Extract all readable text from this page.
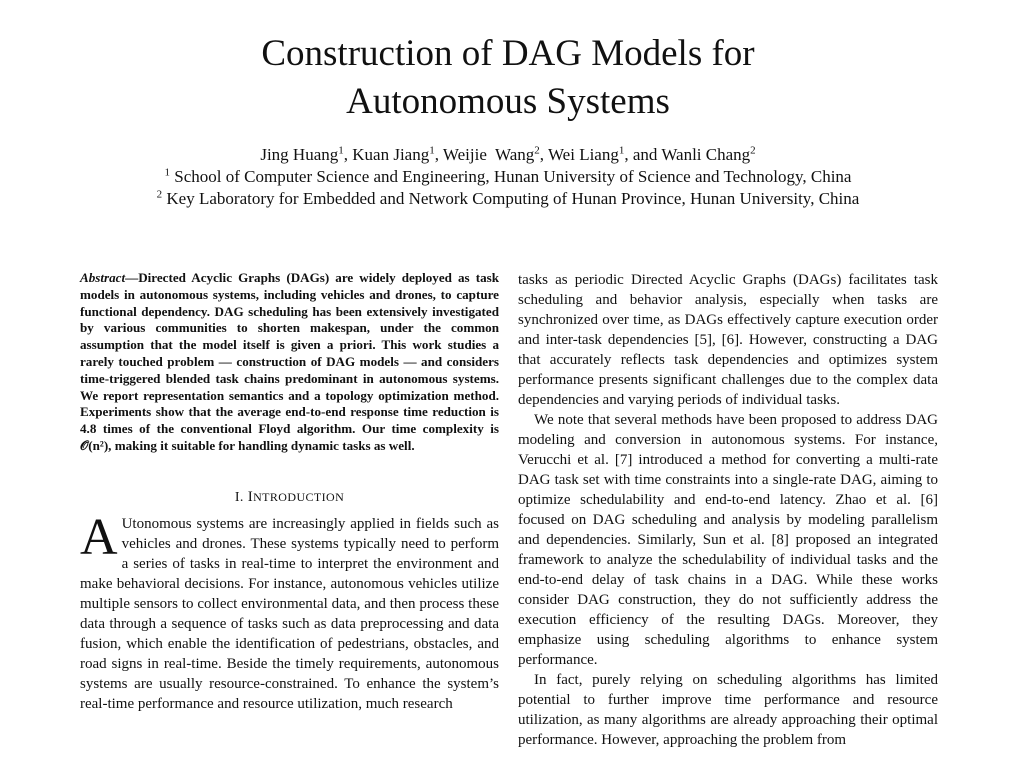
Construction of DAG Models for
Autonomous Systems
Jing Huang$^1$, Kuan Jiang$^1$, Weijie  Wang$^2$, Wei Liang$^1$, and Wanli Chang$^2$
$^1$ School of Computer Science and Engineering, Hunan University of Science and Technology, China
$^2$ Key Laboratory for Embedded and Network Computing of Hunan Province, Hunan University, China

Abstract—Directed Acyclic Graphs (DAGs) are widely deployed as task models in autonomous systems, including vehicles and drones, to capture functional dependency. DAG scheduling has been extensively investigated by various communities to shorten makespan, under the common assumption that the model itself is given a priori. This work studies a rarely touched problem — construction of DAG models — and considers time-triggered blended task chains predominant in autonomous systems. We report representation semantics and a topology optimization method. Experiments show that the average end-to-end response time reduction is 4.8 times of the conventional Floyd algorithm. Our time complexity is 𝒪(n²), making it suitable for handling dynamic tasks as well.

I. INTRODUCTION

A Utonomous systems are increasingly applied in fields such as vehicles and drones. These systems typically need to perform a series of tasks in real-time to interpret the environment and make behavioral decisions. For instance, autonomous vehicles utilize multiple sensors to collect environmental data, and then process these data through a sequence of tasks such as data preprocessing and data fusion, which enable the identification of pedestrians, obstacles, and road signs in real-time. Beside the timely requirements, autonomous systems are usually resource-constrained. To enhance the system’s real-time performance and resource utilization, much research

tasks as periodic Directed Acyclic Graphs (DAGs) facilitates task scheduling and behavior analysis, especially when tasks are synchronized over time, as DAGs effectively capture execution order and inter-task dependencies [5], [6]. However, constructing a DAG that accurately reflects task dependencies and optimizes system performance presents significant challenges due to the complex data dependencies and varying periods of individual tasks.

We note that several methods have been proposed to address DAG modeling and conversion in autonomous systems. For instance, Verucchi et al. [7] introduced a method for converting a multi-rate DAG task set with time constraints into a single-rate DAG, aiming to optimize schedulability and end-to-end latency. Zhao et al. [6] focused on DAG scheduling and analysis by modeling parallelism and dependencies. Similarly, Sun et al. [8] proposed an integrated framework to analyze the schedulability of individual tasks and the end-to-end delay of task chains in a DAG. While these works consider DAG construction, they do not sufficiently address the execution efficiency of the resulting DAGs. Moreover, they emphasize using scheduling algorithms to enhance system performance.

In fact, purely relying on scheduling algorithms has limited potential to further improve time performance and resource utilization, as many algorithms are already approaching their optimal performance. However, approaching the problem from
